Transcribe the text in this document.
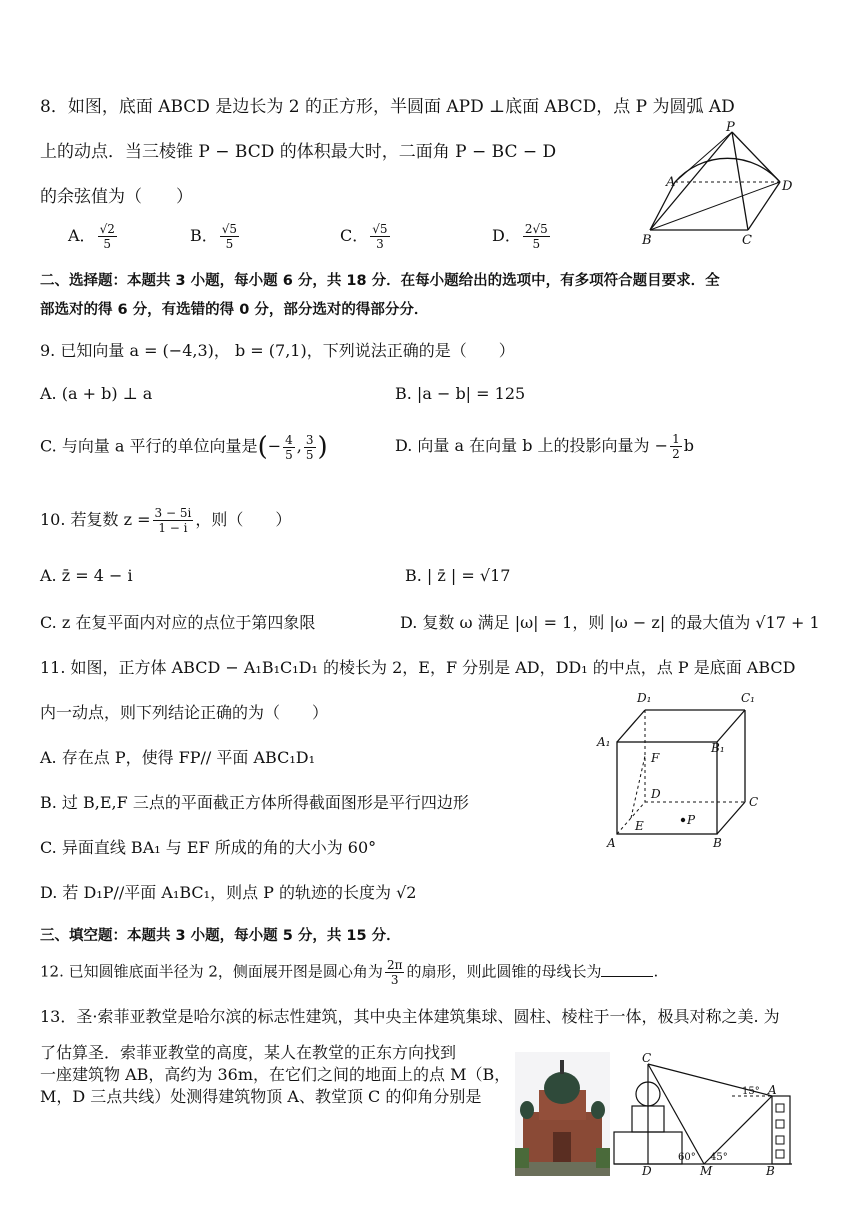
8．如图，底面 ABCD 是边长为 2 的正方形，半圆面 APD ⊥底面 ABCD，点 P 为圆弧 AD
上的动点．当三棱锥 P − BCD 的体积最大时，二面角 P − BC − D
的余弦值为（　　）
A． $\frac{√2}{5}$	B． $\frac{√5}{5}$	C． $\frac{√5}{3}$	D． $\frac{2√5}{5}$
P
A	D
B	C
二、选择题：本题共 3 小题，每小题 6 分，共 18 分．在每小题给出的选项中，有多项符合题目要求．全
部选对的得 6 分，有选错的得 0 分，部分选对的得部分分．
9. 已知向量 a = (−4,3)， b = (7,1)，下列说法正确的是（　　）
A. (a + b) ⊥ a	B. |a − b| = 125
C. 与向量 a 平行的单位向量是(− $\frac{4}{5}$ , $\frac{3}{5}$ )	D. 向量 a 在向量 b 上的投影向量为 − $\frac{1}{2}$ b
10. 若复数 $z = \frac{3 - 5i}{1 - i}$ ，则（　　）
A. z̄ = 4 − i	B. | z̄ | = √17
C. z 在复平面内对应的点位于第四象限	D. 复数 ω 满足 |ω| = 1，则 |ω − z| 的最大值为 √17 + 1
11. 如图，正方体 ABCD − A₁B₁C₁D₁ 的棱长为 2，E，F 分别是 AD，DD₁ 的中点，点 P 是底面 ABCD
内一动点，则下列结论正确的为（　　）
A. 存在点 P，使得 FP// 平面 ABC₁D₁
B. 过 B,E,F 三点的平面截正方体所得截面图形是平行四边形
C. 异面直线 BA₁ 与 EF 所成的角的大小为 60°
D. 若 D₁P//平面 A₁BC₁，则点 P 的轨迹的长度为 √2
D₁	C₁
A₁	B₁
F
D
C
E	P
A	B
三、填空题：本题共 3 小题，每小题 5 分，共 15 分．
12. 已知圆锥底面半径为 2，侧面展开图是圆心角为 $\frac{2\pi}{3}$ 的扇形，则此圆锥的母线长为	.
13．圣·索菲亚教堂是哈尔滨的标志性建筑，其中央主体建筑集球、圆柱、棱柱于一体，极具对称之美. 为
了估算圣．索菲亚教堂的高度，某人在教堂的正东方向找到
一座建筑物 AB，高约为 36m，在它们之间的地面上的点 M（B，
M，D 三点共线）处测得建筑物顶 A、教堂顶 C 的仰角分别是
C
A
D	M	B
15°
60° 45°
